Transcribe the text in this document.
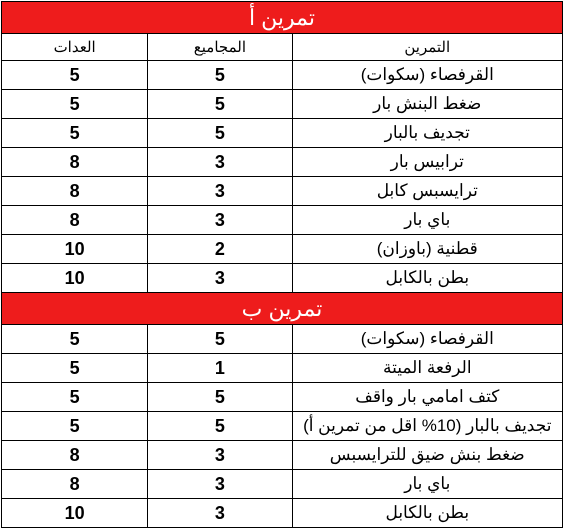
تمرين أ		
التمرين	المجاميع	العدات
القرفصاء (سكوات)	5	5
ضغط البنش بار	5	5
تجديف بالبار	5	5
ترابيس بار	3	8
ترايسبس كابل	3	8
باي بار	3	8
قطنية (باوزان)	2	10
بطن بالكابل	3	10
تمرين ب		
القرفصاء (سكوات)	5	5
الرفعة الميتة	1	5
كتف امامي بار واقف	5	5
تجديف بالبار (10% اقل من تمرين أ)	5	5
ضغط بنش ضيق للترايسبس	3	8
باي بار	3	8
بطن بالكابل	3	10
